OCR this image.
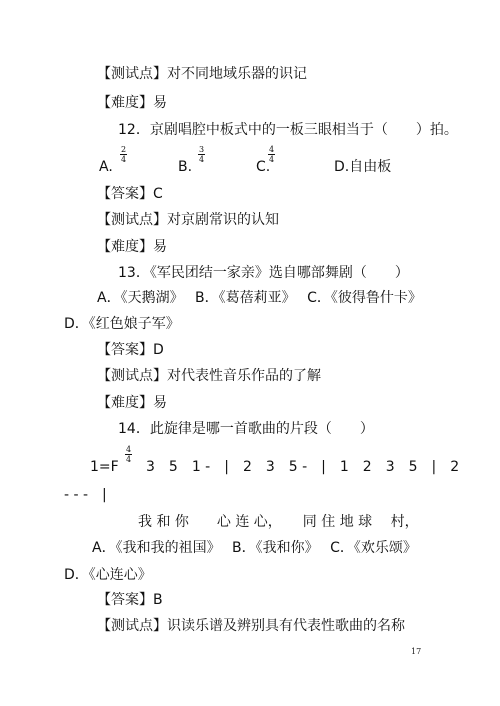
【测试点】对不同地域乐器的识记
【难度】易
12．京剧唱腔中板式中的一板三眼相当于（　　）拍。
A.
2
4	B.
3
4	C.
4
4	D.自由板
【答案】C
【测试点】对京剧常识的认知
【难度】易
13．《军民团结一家亲》选自哪部舞剧（　　）
A．《天鹅湖》　 B．《葛蓓莉亚》　 C．《彼得鲁什卡》
D．《红色娘子军》
【答案】D
【测试点】对代表性音乐作品的了解
【难度】易
14．此旋律是哪一首歌曲的片段（　　）
1=F
4
4 3　5　1 -　|　2　3　5 -　|　1　2　3　5　|　2
- - -　|
我 和 你　　心 连 心，　　同 住 地 球　 村，
A．《我和我的祖国》　 B．《我和你》　 C．《欢乐颂》
D．《心连心》
【答案】B
【测试点】识读乐谱及辨别具有代表性歌曲的名称
17
